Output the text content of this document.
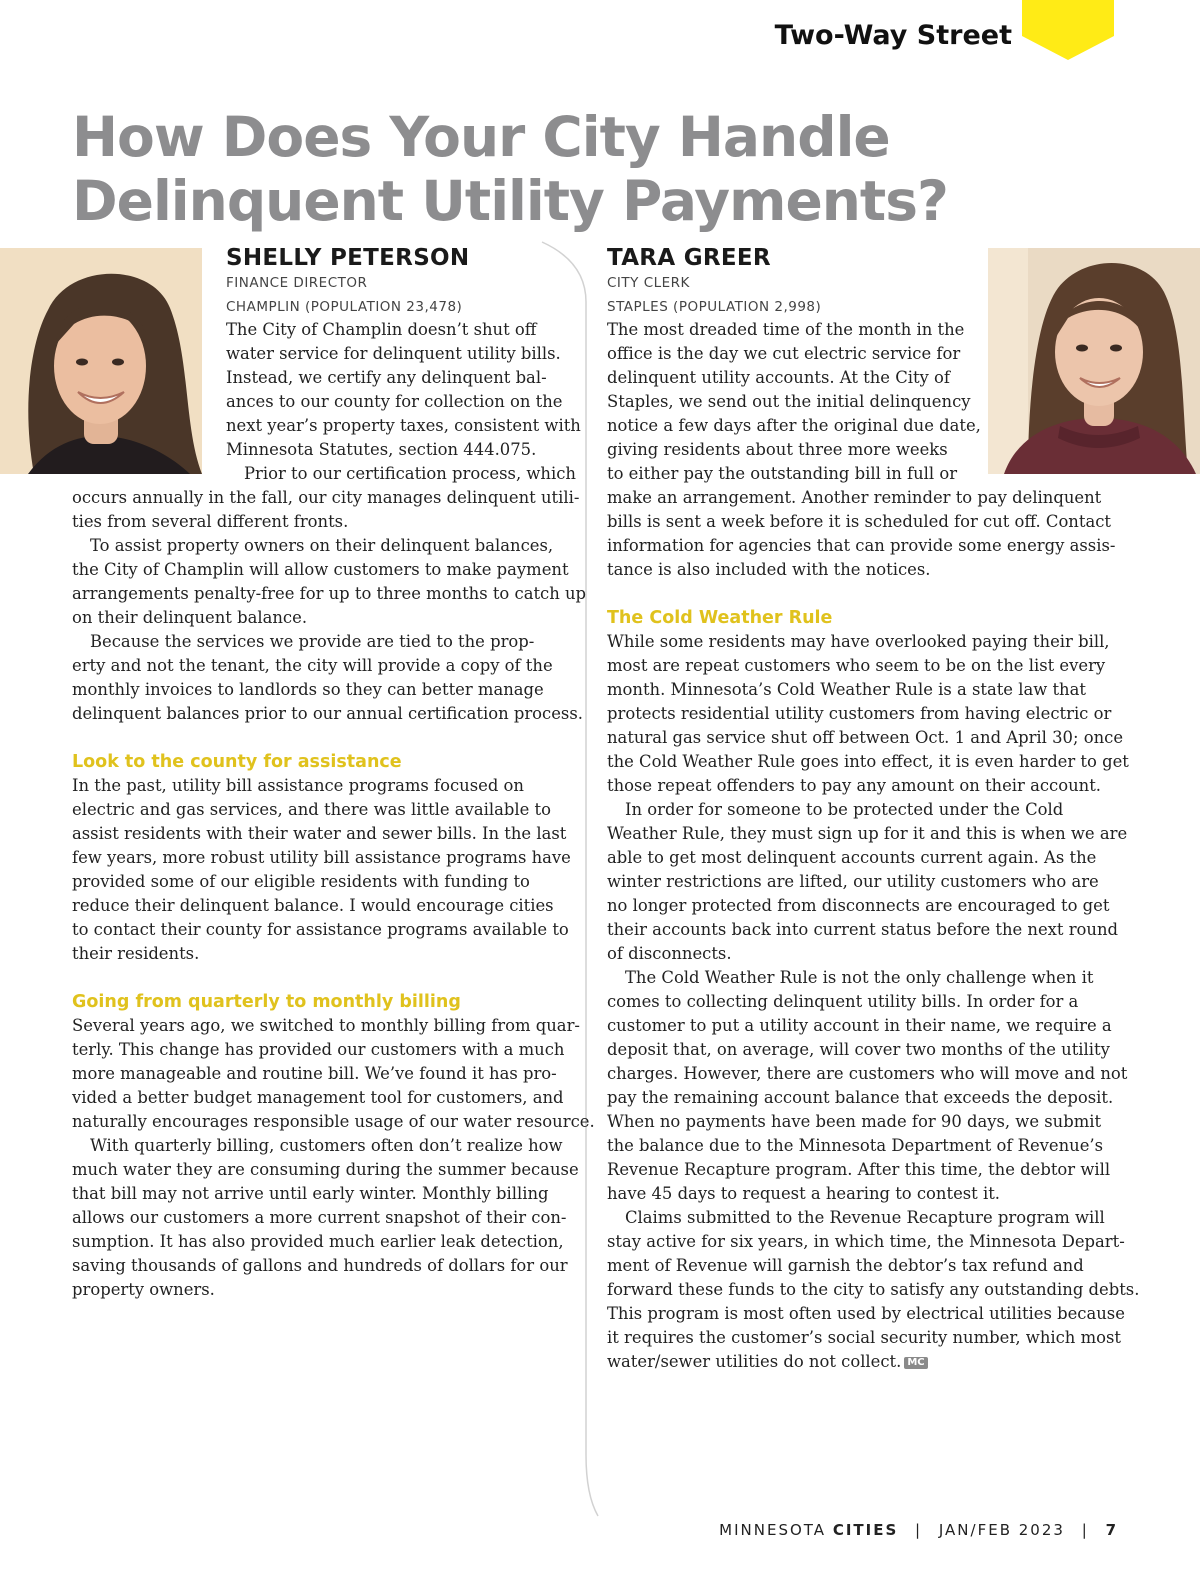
Two-Way Street
How Does Your City Handle
Delinquent Utility Payments?
SHELLY PETERSON
FINANCE DIRECTOR
CHAMPLIN (POPULATION 23,478)

The City of Champlin doesn’t shut off

water service for delinquent utility bills.

Instead, we certify any delinquent bal-

ances to our county for collection on the

next year’s property taxes, consistent with

Minnesota Statutes, section 444.075.

Prior to our certification process, which

occurs annually in the fall, our city manages delinquent utili-

ties from several different fronts.

To assist property owners on their delinquent balances,

the City of Champlin will allow customers to make payment

arrangements penalty-free for up to three months to catch up

on their delinquent balance.

Because the services we provide are tied to the prop-

erty and not the tenant, the city will provide a copy of the

monthly invoices to landlords so they can better manage

delinquent balances prior to our annual certification process.

Look to the county for assistance

In the past, utility bill assistance programs focused on

electric and gas services, and there was little available to

assist residents with their water and sewer bills. In the last

few years, more robust utility bill assistance programs have

provided some of our eligible residents with funding to

reduce their delinquent balance. I would encourage cities

to contact their county for assistance programs available to

their residents.

Going from quarterly to monthly billing

Several years ago, we switched to monthly billing from quar-

terly. This change has provided our customers with a much

more manageable and routine bill. We’ve found it has pro-

vided a better budget management tool for customers, and

naturally encourages responsible usage of our water resource.

With quarterly billing, customers often don’t realize how

much water they are consuming during the summer because

that bill may not arrive until early winter. Monthly billing

allows our customers a more current snapshot of their con-

sumption. It has also provided much earlier leak detection,

saving thousands of gallons and hundreds of dollars for our

property owners.

TARA GREER
CITY CLERK
STAPLES (POPULATION 2,998)

The most dreaded time of the month in the

office is the day we cut electric service for

delinquent utility accounts. At the City of

Staples, we send out the initial delinquency

notice a few days after the original due date,

giving residents about three more weeks

to either pay the outstanding bill in full or

make an arrangement. Another reminder to pay delinquent

bills is sent a week before it is scheduled for cut off. Contact

information for agencies that can provide some energy assis-

tance is also included with the notices.

The Cold Weather Rule

While some residents may have overlooked paying their bill,

most are repeat customers who seem to be on the list every

month. Minnesota’s Cold Weather Rule is a state law that

protects residential utility customers from having electric or

natural gas service shut off between Oct. 1 and April 30; once

the Cold Weather Rule goes into effect, it is even harder to get

those repeat offenders to pay any amount on their account.

In order for someone to be protected under the Cold

Weather Rule, they must sign up for it and this is when we are

able to get most delinquent accounts current again. As the

winter restrictions are lifted, our utility customers who are

no longer protected from disconnects are encouraged to get

their accounts back into current status before the next round

of disconnects.

The Cold Weather Rule is not the only challenge when it

comes to collecting delinquent utility bills. In order for a

customer to put a utility account in their name, we require a

deposit that, on average, will cover two months of the utility

charges. However, there are customers who will move and not

pay the remaining account balance that exceeds the deposit.

When no payments have been made for 90 days, we submit

the balance due to the Minnesota Department of Revenue’s

Revenue Recapture program. After this time, the debtor will

have 45 days to request a hearing to contest it.

Claims submitted to the Revenue Recapture program will

stay active for six years, in which time, the Minnesota Depart-

ment of Revenue will garnish the debtor’s tax refund and

forward these funds to the city to satisfy any outstanding debts.

This program is most often used by electrical utilities because

it requires the customer’s social security number, which most

water/sewer utilities do not collect. MC

MINNESOTA CITIES | JAN/FEB 2023 | 7
